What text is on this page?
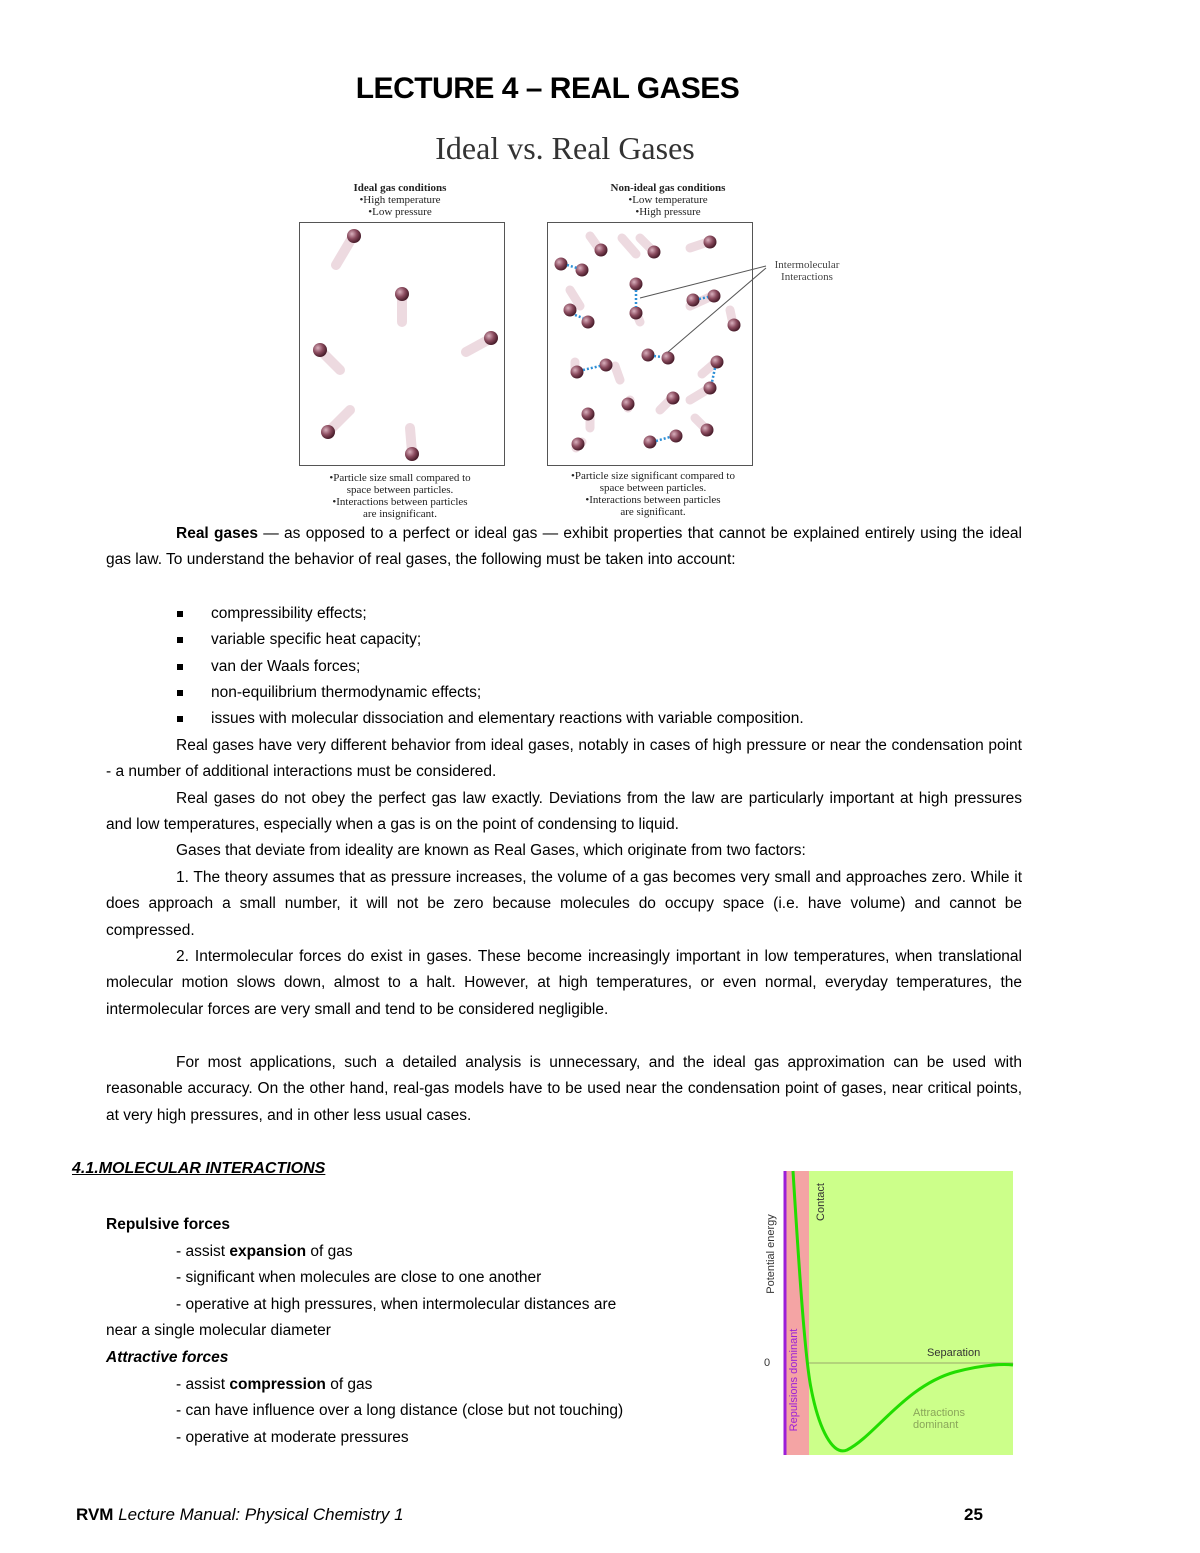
LECTURE 4 – REAL GASES
Ideal vs. Real Gases
Ideal gas conditions
•High temperature
•Low pressure
Non-ideal gas conditions
•Low temperature
•High pressure
Intermolecular
Interactions
•Particle size small compared to
space between particles.
•Interactions between particles
are insignificant.
•Particle size significant compared to
space between particles.
•Interactions between particles
are significant.
Real gases — as opposed to a perfect or ideal gas — exhibit properties that cannot be explained entirely using the ideal gas law. To understand the behavior of real gases, the following must be taken into account:
compressibility effects;
variable specific heat capacity;
van der Waals forces;
non-equilibrium thermodynamic effects;
issues with molecular dissociation and elementary reactions with variable composition.
Real gases have very different behavior from ideal gases, notably in cases of high pressure or near the condensation point - a number of additional interactions must be considered.
Real gases do not obey the perfect gas law exactly. Deviations from the law are particularly important at high pressures and low temperatures, especially when a gas is on the point of condensing to liquid.
Gases that deviate from ideality are known as Real Gases, which originate from two factors:
1. The theory assumes that as pressure increases, the volume of a gas becomes very small and approaches zero. While it does approach a small number, it will not be zero because molecules do occupy space (i.e. have volume) and cannot be compressed.
2. Intermolecular forces do exist in gases. These become increasingly important in low temperatures, when translational molecular motion slows down, almost to a halt. However, at high temperatures, or even normal, everyday temperatures, the intermolecular forces are very small and tend to be considered negligible.
For most applications, such a detailed analysis is unnecessary, and the ideal gas approximation can be used with reasonable accuracy. On the other hand, real-gas models have to be used near the condensation point of gases, near critical points, at very high pressures, and in other less usual cases.
4.1.MOLECULAR INTERACTIONS
Repulsive forces
- assist expansion of gas
- significant when molecules are close to one another
- operative at high pressures, when intermolecular distances are
near a single molecular diameter
Attractive forces
- assist compression of gas
- can have influence over a long distance (close but not touching)
- operative at moderate pressures
Potential energy
Contact
0
Separation
Repulsions dominant	Attractions
dominant
RVM Lecture Manual: Physical Chemistry 1	25
